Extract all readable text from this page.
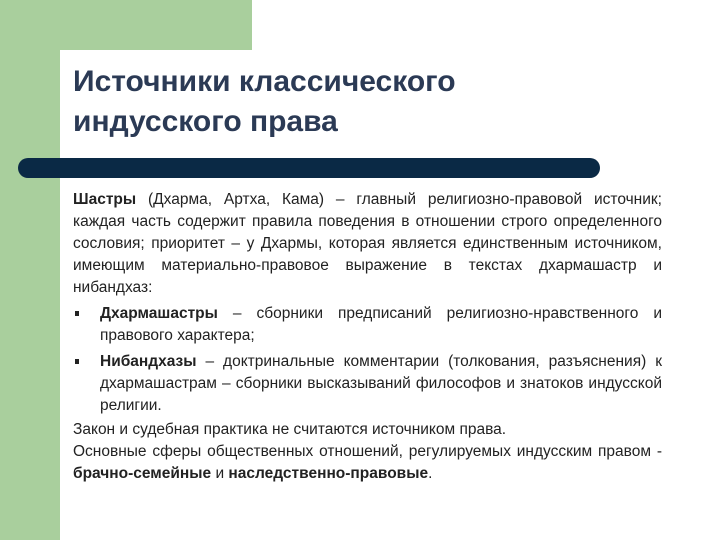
Источники классического
индусского права

Шастры (Дхарма, Артха, Кама) – главный религиозно-правовой источник; каждая часть содержит правила поведения в отношении строго определенного сословия; приоритет – у Дхармы, которая является единственным источником, имеющим материально-правовое выражение в текстах дхармашастр и нибандхаз:

Дхармашастры – сборники предписаний религиозно-нравственного и правового характера;
Нибандхазы – доктринальные комментарии (толкования, разъяснения) к дхармашастрам – сборники высказываний философов и знатоков индусской религии.

Закон и судебная практика не считаются источником права.

Основные сферы общественных отношений, регулируемых индусским правом - брачно-семейные и наследственно-правовые.
